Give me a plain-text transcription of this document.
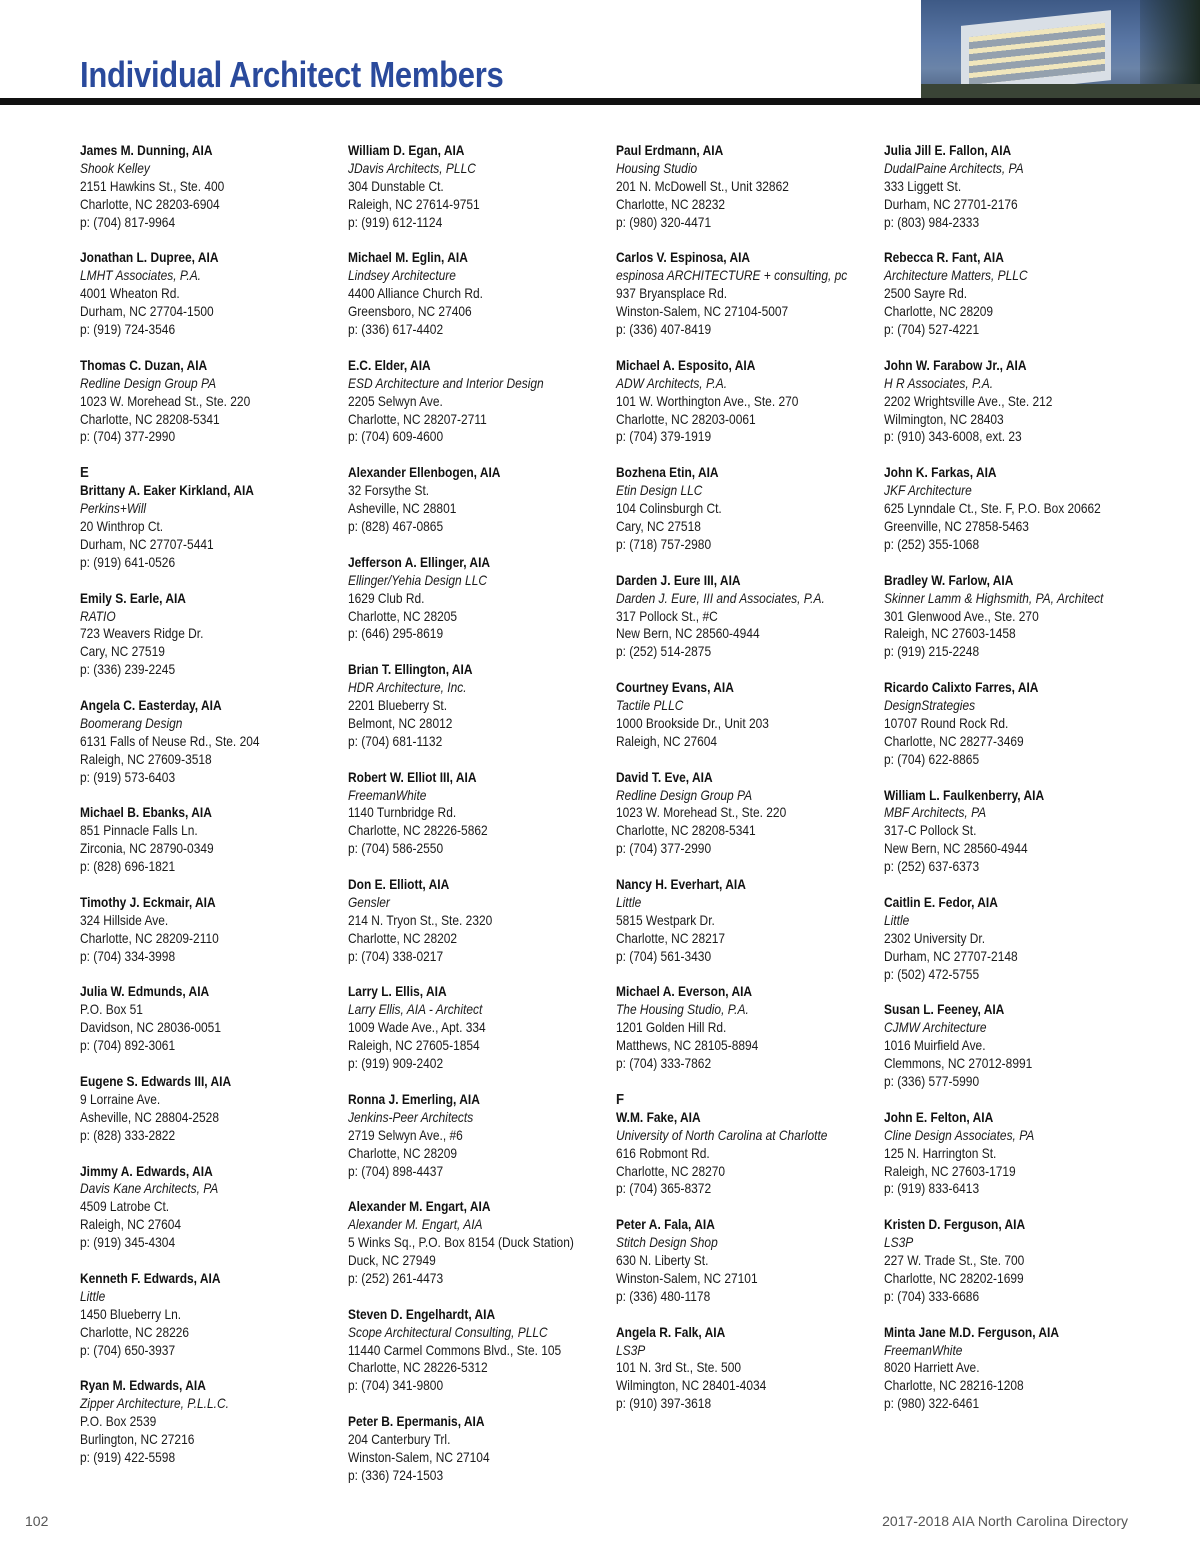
Individual Architect Members
James M. Dunning, AIA
Shook Kelley
2151 Hawkins St., Ste. 400
Charlotte, NC 28203-6904
p: (704) 817-9964
Jonathan L. Dupree, AIA
LMHT Associates, P.A.
4001 Wheaton Rd.
Durham, NC 27704-1500
p: (919) 724-3546
Thomas C. Duzan, AIA
Redline Design Group PA
1023 W. Morehead St., Ste. 220
Charlotte, NC 28208-5341
p: (704) 377-2990
E
Brittany A. Eaker Kirkland, AIA
Perkins+Will
20 Winthrop Ct.
Durham, NC 27707-5441
p: (919) 641-0526
Emily S. Earle, AIA
RATIO
723 Weavers Ridge Dr.
Cary, NC 27519
p: (336) 239-2245
Angela C. Easterday, AIA
Boomerang Design
6131 Falls of Neuse Rd., Ste. 204
Raleigh, NC 27609-3518
p: (919) 573-6403
Michael B. Ebanks, AIA
851 Pinnacle Falls Ln.
Zirconia, NC 28790-0349
p: (828) 696-1821
Timothy J. Eckmair, AIA
324 Hillside Ave.
Charlotte, NC 28209-2110
p: (704) 334-3998
Julia W. Edmunds, AIA
P.O. Box 51
Davidson, NC 28036-0051
p: (704) 892-3061
Eugene S. Edwards III, AIA
9 Lorraine Ave.
Asheville, NC 28804-2528
p: (828) 333-2822
Jimmy A. Edwards, AIA
Davis Kane Architects, PA
4509 Latrobe Ct.
Raleigh, NC 27604
p: (919) 345-4304
Kenneth F. Edwards, AIA
Little
1450 Blueberry Ln.
Charlotte, NC 28226
p: (704) 650-3937
Ryan M. Edwards, AIA
Zipper Architecture, P.L.L.C.
P.O. Box 2539
Burlington, NC 27216
p: (919) 422-5598
William D. Egan, AIA
JDavis Architects, PLLC
304 Dunstable Ct.
Raleigh, NC 27614-9751
p: (919) 612-1124
Michael M. Eglin, AIA
Lindsey Architecture
4400 Alliance Church Rd.
Greensboro, NC 27406
p: (336) 617-4402
E.C. Elder, AIA
ESD Architecture and Interior Design
2205 Selwyn Ave.
Charlotte, NC 28207-2711
p: (704) 609-4600
Alexander Ellenbogen, AIA
32 Forsythe St.
Asheville, NC 28801
p: (828) 467-0865
Jefferson A. Ellinger, AIA
Ellinger/Yehia Design LLC
1629 Club Rd.
Charlotte, NC 28205
p: (646) 295-8619
Brian T. Ellington, AIA
HDR Architecture, Inc.
2201 Blueberry St.
Belmont, NC 28012
p: (704) 681-1132
Robert W. Elliot III, AIA
FreemanWhite
1140 Turnbridge Rd.
Charlotte, NC 28226-5862
p: (704) 586-2550
Don E. Elliott, AIA
Gensler
214 N. Tryon St., Ste. 2320
Charlotte, NC 28202
p: (704) 338-0217
Larry L. Ellis, AIA
Larry Ellis, AIA - Architect
1009 Wade Ave., Apt. 334
Raleigh, NC 27605-1854
p: (919) 909-2402
Ronna J. Emerling, AIA
Jenkins-Peer Architects
2719 Selwyn Ave., #6
Charlotte, NC 28209
p: (704) 898-4437
Alexander M. Engart, AIA
Alexander M. Engart, AIA
5 Winks Sq., P.O. Box 8154 (Duck Station)
Duck, NC 27949
p: (252) 261-4473
Steven D. Engelhardt, AIA
Scope Architectural Consulting, PLLC
11440 Carmel Commons Blvd., Ste. 105
Charlotte, NC 28226-5312
p: (704) 341-9800
Peter B. Epermanis, AIA
204 Canterbury Trl.
Winston-Salem, NC 27104
p: (336) 724-1503
Paul Erdmann, AIA
Housing Studio
201 N. McDowell St., Unit 32862
Charlotte, NC 28232
p: (980) 320-4471
Carlos V. Espinosa, AIA
espinosa ARCHITECTURE + consulting, pc
937 Bryansplace Rd.
Winston-Salem, NC 27104-5007
p: (336) 407-8419
Michael A. Esposito, AIA
ADW Architects, P.A.
101 W. Worthington Ave., Ste. 270
Charlotte, NC 28203-0061
p: (704) 379-1919
Bozhena Etin, AIA
Etin Design LLC
104 Colinsburgh Ct.
Cary, NC 27518
p: (718) 757-2980
Darden J. Eure III, AIA
Darden J. Eure, III and Associates, P.A.
317 Pollock St., #C
New Bern, NC 28560-4944
p: (252) 514-2875
Courtney Evans, AIA
Tactile PLLC
1000 Brookside Dr., Unit 203
Raleigh, NC 27604
David T. Eve, AIA
Redline Design Group PA
1023 W. Morehead St., Ste. 220
Charlotte, NC 28208-5341
p: (704) 377-2990
Nancy H. Everhart, AIA
Little
5815 Westpark Dr.
Charlotte, NC 28217
p: (704) 561-3430
Michael A. Everson, AIA
The Housing Studio, P.A.
1201 Golden Hill Rd.
Matthews, NC 28105-8894
p: (704) 333-7862
F
W.M. Fake, AIA
University of North Carolina at Charlotte
616 Robmont Rd.
Charlotte, NC 28270
p: (704) 365-8372
Peter A. Fala, AIA
Stitch Design Shop
630 N. Liberty St.
Winston-Salem, NC 27101
p: (336) 480-1178
Angela R. Falk, AIA
LS3P
101 N. 3rd St., Ste. 500
Wilmington, NC 28401-4034
p: (910) 397-3618
Julia Jill E. Fallon, AIA
DudaIPaine Architects, PA
333 Liggett St.
Durham, NC 27701-2176
p: (803) 984-2333
Rebecca R. Fant, AIA
Architecture Matters, PLLC
2500 Sayre Rd.
Charlotte, NC 28209
p: (704) 527-4221
John W. Farabow Jr., AIA
H R Associates, P.A.
2202 Wrightsville Ave., Ste. 212
Wilmington, NC 28403
p: (910) 343-6008, ext. 23
John K. Farkas, AIA
JKF Architecture
625 Lynndale Ct., Ste. F, P.O. Box 20662
Greenville, NC 27858-5463
p: (252) 355-1068
Bradley W. Farlow, AIA
Skinner Lamm & Highsmith, PA, Architect
301 Glenwood Ave., Ste. 270
Raleigh, NC 27603-1458
p: (919) 215-2248
Ricardo Calixto Farres, AIA
DesignStrategies
10707 Round Rock Rd.
Charlotte, NC 28277-3469
p: (704) 622-8865
William L. Faulkenberry, AIA
MBF Architects, PA
317-C Pollock St.
New Bern, NC 28560-4944
p: (252) 637-6373
Caitlin E. Fedor, AIA
Little
2302 University Dr.
Durham, NC 27707-2148
p: (502) 472-5755
Susan L. Feeney, AIA
CJMW Architecture
1016 Muirfield Ave.
Clemmons, NC 27012-8991
p: (336) 577-5990
John E. Felton, AIA
Cline Design Associates, PA
125 N. Harrington St.
Raleigh, NC 27603-1719
p: (919) 833-6413
Kristen D. Ferguson, AIA
LS3P
227 W. Trade St., Ste. 700
Charlotte, NC 28202-1699
p: (704) 333-6686
Minta Jane M.D. Ferguson, AIA
FreemanWhite
8020 Harriett Ave.
Charlotte, NC 28216-1208
p: (980) 322-6461
102	2017-2018 AIA North Carolina Directory
